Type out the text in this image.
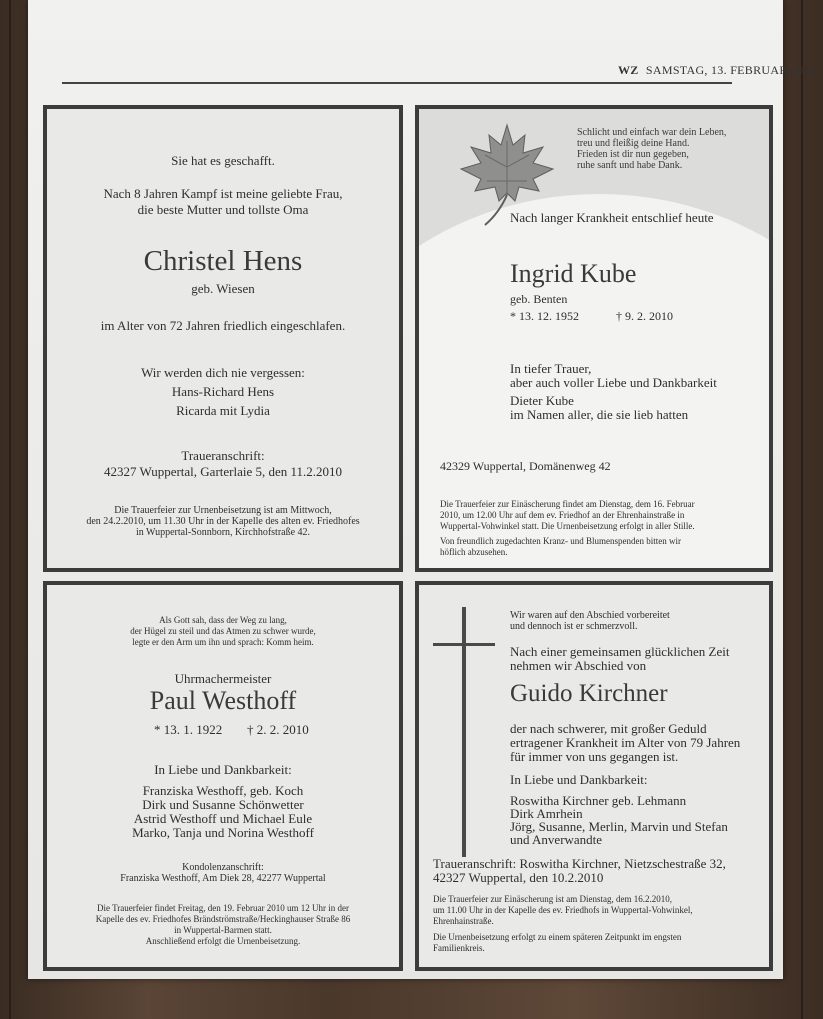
WZ SAMSTAG, 13. FEBRUAR 2010
Sie hat es geschafft.
Nach 8 Jahren Kampf ist meine geliebte Frau,
die beste Mutter und tollste Oma
Christel Hens
geb. Wiesen
im Alter von 72 Jahren friedlich eingeschlafen.
Wir werden dich nie vergessen:
Hans-Richard Hens
Ricarda mit Lydia
Traueranschrift:
42327 Wuppertal, Garterlaie 5, den 11.2.2010
Die Trauerfeier zur Urnenbeisetzung ist am Mittwoch,
den 24.2.2010, um 11.30 Uhr in der Kapelle des alten ev. Friedhofes
in Wuppertal-Sonnborn, Kirchhofstraße 42.
Schlicht und einfach war dein Leben,
treu und fleißig deine Hand.
Frieden ist dir nun gegeben,
ruhe sanft und habe Dank.
Nach langer Krankheit entschlief heute
Ingrid Kube
geb. Benten
* 13. 12. 1952	† 9. 2. 2010
In tiefer Trauer,
aber auch voller Liebe und Dankbarkeit
Dieter Kube
im Namen aller, die sie lieb hatten
42329 Wuppertal, Domänenweg 42
Die Trauerfeier zur Einäscherung findet am Dienstag, dem 16. Februar
2010, um 12.00 Uhr auf dem ev. Friedhof an der Ehrenhainstraße in
Wuppertal-Vohwinkel statt. Die Urnenbeisetzung erfolgt in aller Stille.
Von freundlich zugedachten Kranz- und Blumenspenden bitten wir
höflich abzusehen.
Als Gott sah, dass der Weg zu lang,
der Hügel zu steil und das Atmen zu schwer wurde,
legte er den Arm um ihn und sprach: Komm heim.
Uhrmachermeister
Paul Westhoff
* 13. 1. 1922 † 2. 2. 2010
In Liebe und Dankbarkeit:
Franziska Westhoff, geb. Koch
Dirk und Susanne Schönwetter
Astrid Westhoff und Michael Eule
Marko, Tanja und Norina Westhoff
Kondolenzanschrift:
Franziska Westhoff, Am Diek 28, 42277 Wuppertal
Die Trauerfeier findet Freitag, den 19. Februar 2010 um 12 Uhr in der
Kapelle des ev. Friedhofes Brändströmstraße/Heckinghauser Straße 86
in Wuppertal-Barmen statt.
Anschließend erfolgt die Urnenbeisetzung.
Wir waren auf den Abschied vorbereitet
und dennoch ist er schmerzvoll.
Nach einer gemeinsamen glücklichen Zeit
nehmen wir Abschied von
Guido Kirchner
der nach schwerer, mit großer Geduld
ertragener Krankheit im Alter von 79 Jahren
für immer von uns gegangen ist.
In Liebe und Dankbarkeit:
Roswitha Kirchner geb. Lehmann
Dirk Amrhein
Jörg, Susanne, Merlin, Marvin und Stefan
und Anverwandte
Traueranschrift: Roswitha Kirchner, Nietzschestraße 32,
42327 Wuppertal, den 10.2.2010
Die Trauerfeier zur Einäscherung ist am Dienstag, dem 16.2.2010,
um 11.00 Uhr in der Kapelle des ev. Friedhofs in Wuppertal-Vohwinkel,
Ehrenhainstraße.
Die Urnenbeisetzung erfolgt zu einem späteren Zeitpunkt im engsten
Familienkreis.
